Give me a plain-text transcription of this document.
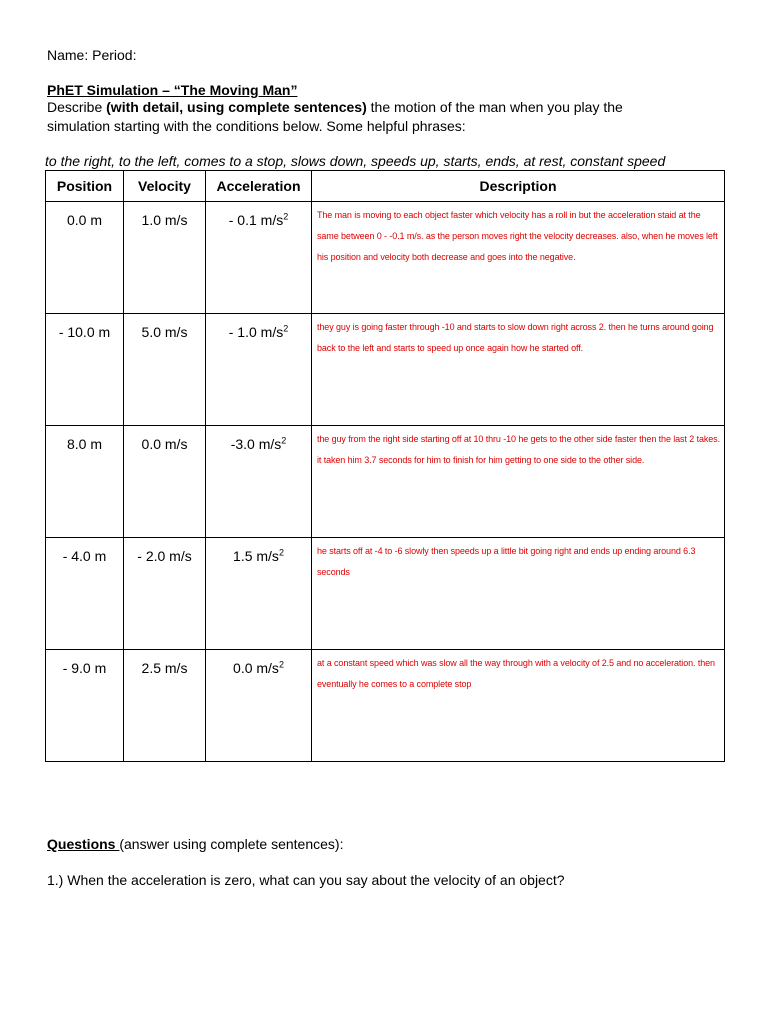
Name: Period:
PhET Simulation – “The Moving Man”
Describe (with detail, using complete sentences) the motion of the man when you play the
simulation starting with the conditions below. Some helpful phrases:
to the right, to the left, comes to a stop, slows down, speeds up, starts, ends, at rest, constant speed
Position	Velocity	Acceleration	Description

0.0 m	1.0 m/s	- 0.1 $m/s^2$	The man is moving to each object faster which velocity has a roll in but the acceleration staid at the same between 0 - -0.1 m/s. as the person moves right the velocity decreases. also, when he moves left his position and velocity both decrease and goes into the negative.

- 10.0 m	5.0 m/s	- 1.0 $m/s^2$	they guy is going faster through -10 and starts to slow down right across 2. then he turns around going back to the left and starts to speed up once again how he started off.

8.0 m	0.0 m/s	-3.0 $m/s^2$	the guy from the right side starting off at 10 thru -10 he gets to the other side faster then the last 2 takes. it taken him 3.7 seconds for him to finish for him getting to one side to the other side.

- 4.0 m	- 2.0 m/s	1.5 $m/s^2$	he starts off at -4 to -6 slowly then speeds up a little bit going right and ends up ending around 6.3 seconds

- 9.0 m	2.5 m/s	0.0 $m/s^2$	at a constant speed which was slow all the way through with a velocity of 2.5 and no acceleration. then eventually he comes to a complete stop
Questions (answer using complete sentences):
1.) When the acceleration is zero, what can you say about the velocity of an object?
